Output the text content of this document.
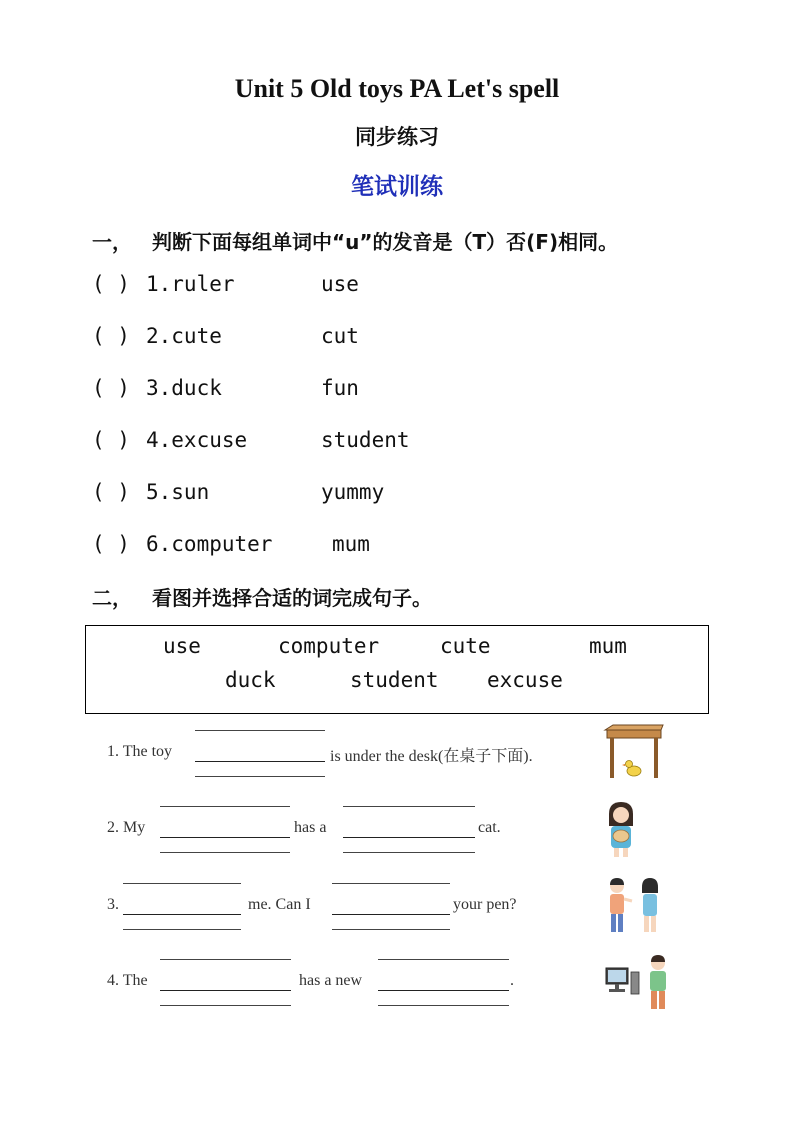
Unit 5 Old toys PA Let's spell
同步练习
笔试训练
一， 判断下面每组单词中“u”的发音是（T）否(F)相同。
( ) 1.ruler	use
( ) 2.cute	cut
( ) 3.duck	fun
( ) 4.excuse	student
( ) 5.sun	yummy
( ) 6.computer	mum
二， 看图并选择合适的词完成句子。
use	computer	cute	mum
duck	student excuse
1. The toy	is under the desk(在桌子下面).
2. My	has a	cat.
3.	me. Can I	your pen?
4. The	has a new	.
